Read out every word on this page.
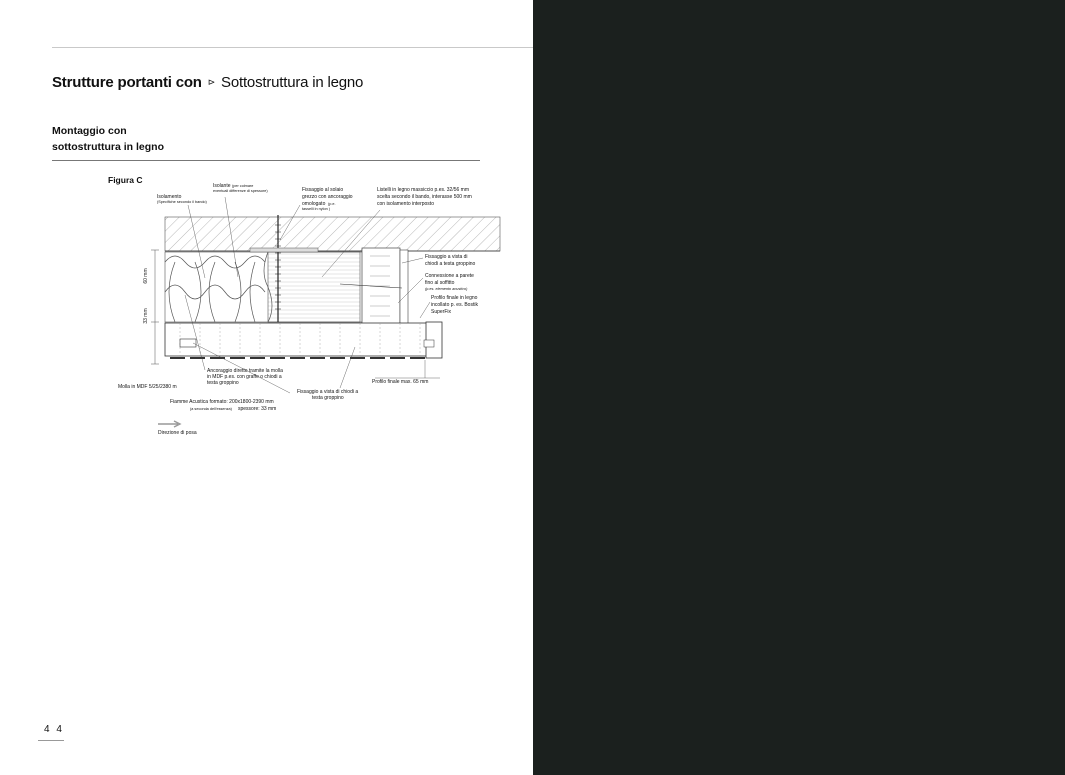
Strutture portanti con ⊳ Sottostruttura in legno
Montaggio con
sottostruttura in legno
Figura C
60 mm
33 mm
Isolante (per colmare
eventuali differenze di spessore)
Isolamento
(Specifiche secondo il bando)
Fissaggio al solaio
grezzo con ancoraggio
omologato (p.e.
tasselli in nylon )
Listelli in legno massiccio p.es. 32/56 mm
scelta secondo il bando, interasse 500 mm
con isolamento interposto
Fissaggio a vista di
chiodi a testa groppino
Connessione a parete
fino al soffitto
(p.es. elemento acustico)
Profilo finale in legno
incollato p. es. Bostik
SuperFix
Ancoraggio diretto tramite la molla
in MDF p.es. con graffe o chiodi a
testa groppino
Molla in MDF 5/25/2380 m
Profilo finale max. 65 mm
Fissaggio a vista di chiodi a
testa groppino
Fiamme Acustica formato: 200x1800-2390 mm
(a seconda dell'essenza) spessore: 33 mm
Direzione di posa
4 4
